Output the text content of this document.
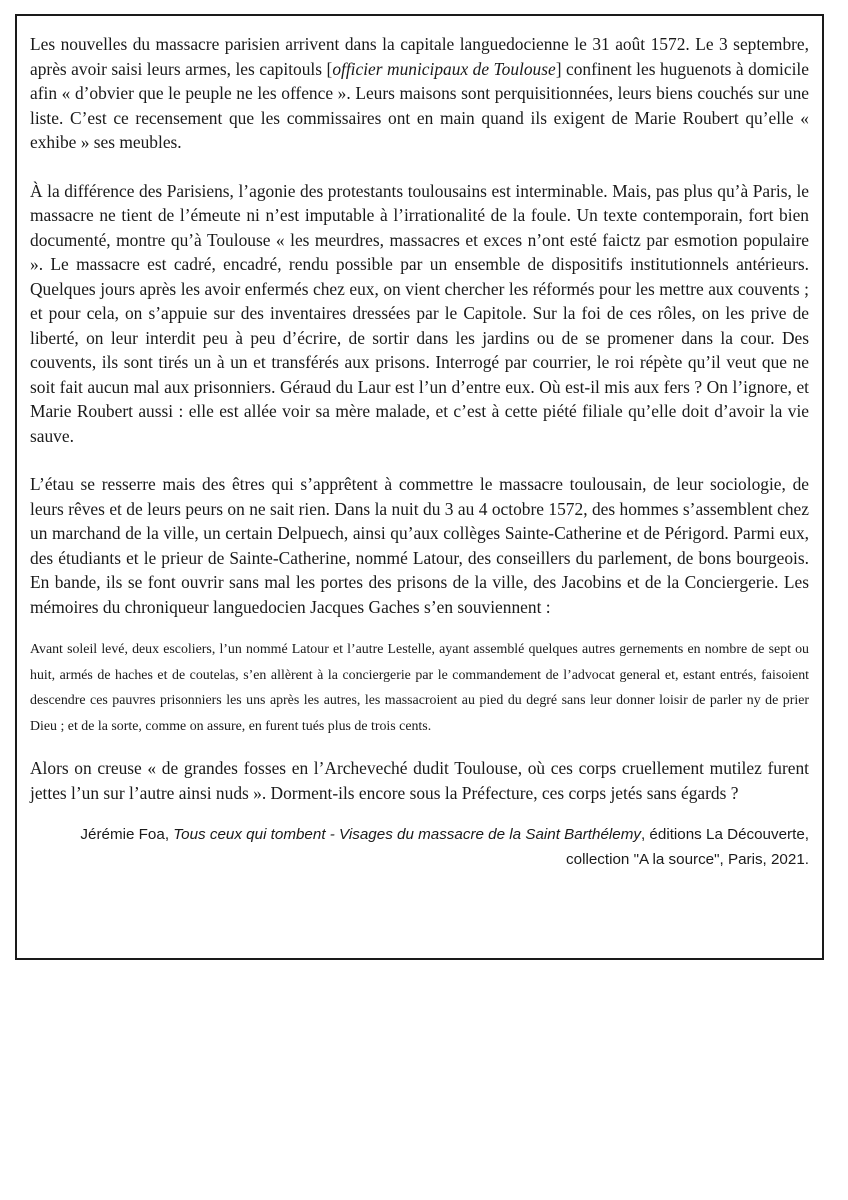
Les nouvelles du massacre parisien arrivent dans la capitale languedocienne le 31 août 1572. Le 3 septembre, après avoir saisi leurs armes, les capitouls [officier municipaux de Toulouse] confinent les huguenots à domicile afin « d’obvier que le peuple ne les offence ». Leurs maisons sont perquisitionnées, leurs biens couchés sur une liste. C’est ce recensement que les commissaires ont en main quand ils exigent de Marie Roubert qu’elle « exhibe » ses meubles.

À la différence des Parisiens, l’agonie des protestants toulousains est interminable. Mais, pas plus qu’à Paris, le massacre ne tient de l’émeute ni n’est imputable à l’irrationalité de la foule. Un texte contemporain, fort bien documenté, montre qu’à Toulouse « les meurdres, massacres et exces n’ont esté faictz par esmotion populaire ». Le massacre est cadré, encadré, rendu possible par un ensemble de dispositifs institutionnels antérieurs. Quelques jours après les avoir enfermés chez eux, on vient chercher les réformés pour les mettre aux couvents ; et pour cela, on s’appuie sur des inventaires dressées par le Capitole. Sur la foi de ces rôles, on les prive de liberté, on leur interdit peu à peu d’écrire, de sortir dans les jardins ou de se promener dans la cour. Des couvents, ils sont tirés un à un et transférés aux prisons. Interrogé par courrier, le roi répète qu’il veut que ne soit fait aucun mal aux prisonniers. Géraud du Laur est l’un d’entre eux. Où est-il mis aux fers ? On l’ignore, et Marie Roubert aussi : elle est allée voir sa mère malade, et c’est à cette piété filiale qu’elle doit d’avoir la vie sauve.

L’étau se resserre mais des êtres qui s’apprêtent à commettre le massacre toulousain, de leur sociologie, de leurs rêves et de leurs peurs on ne sait rien. Dans la nuit du 3 au 4 octobre 1572, des hommes s’assemblent chez un marchand de la ville, un certain Delpuech, ainsi qu’aux collèges Sainte-Catherine et de Périgord. Parmi eux, des étudiants et le prieur de Sainte-Catherine, nommé Latour, des conseillers du parlement, de bons bourgeois. En bande, ils se font ouvrir sans mal les portes des prisons de la ville, des Jacobins et de la Conciergerie. Les mémoires du chroniqueur languedocien Jacques Gaches s’en souviennent :

Avant soleil levé, deux escoliers, l’un nommé Latour et l’autre Lestelle, ayant assemblé quelques autres gernements en nombre de sept ou huit, armés de haches et de coutelas, s’en allèrent à la conciergerie par le commandement de l’advocat general et, estant entrés, faisoient descendre ces pauvres prisonniers les uns après les autres, les massacroient au pied du degré sans leur donner loisir de parler ny de prier Dieu ; et de la sorte, comme on assure, en furent tués plus de trois cents.

Alors on creuse « de grandes fosses en l’Archeveché dudit Toulouse, où ces corps cruellement mutilez furent jettes l’un sur l’autre ainsi nuds ». Dorment-ils encore sous la Préfecture, ces corps jetés sans égards ?

Jérémie Foa, Tous ceux qui tombent - Visages du massacre de la Saint Barthélemy, éditions La Découverte, collection "A la source", Paris, 2021.
